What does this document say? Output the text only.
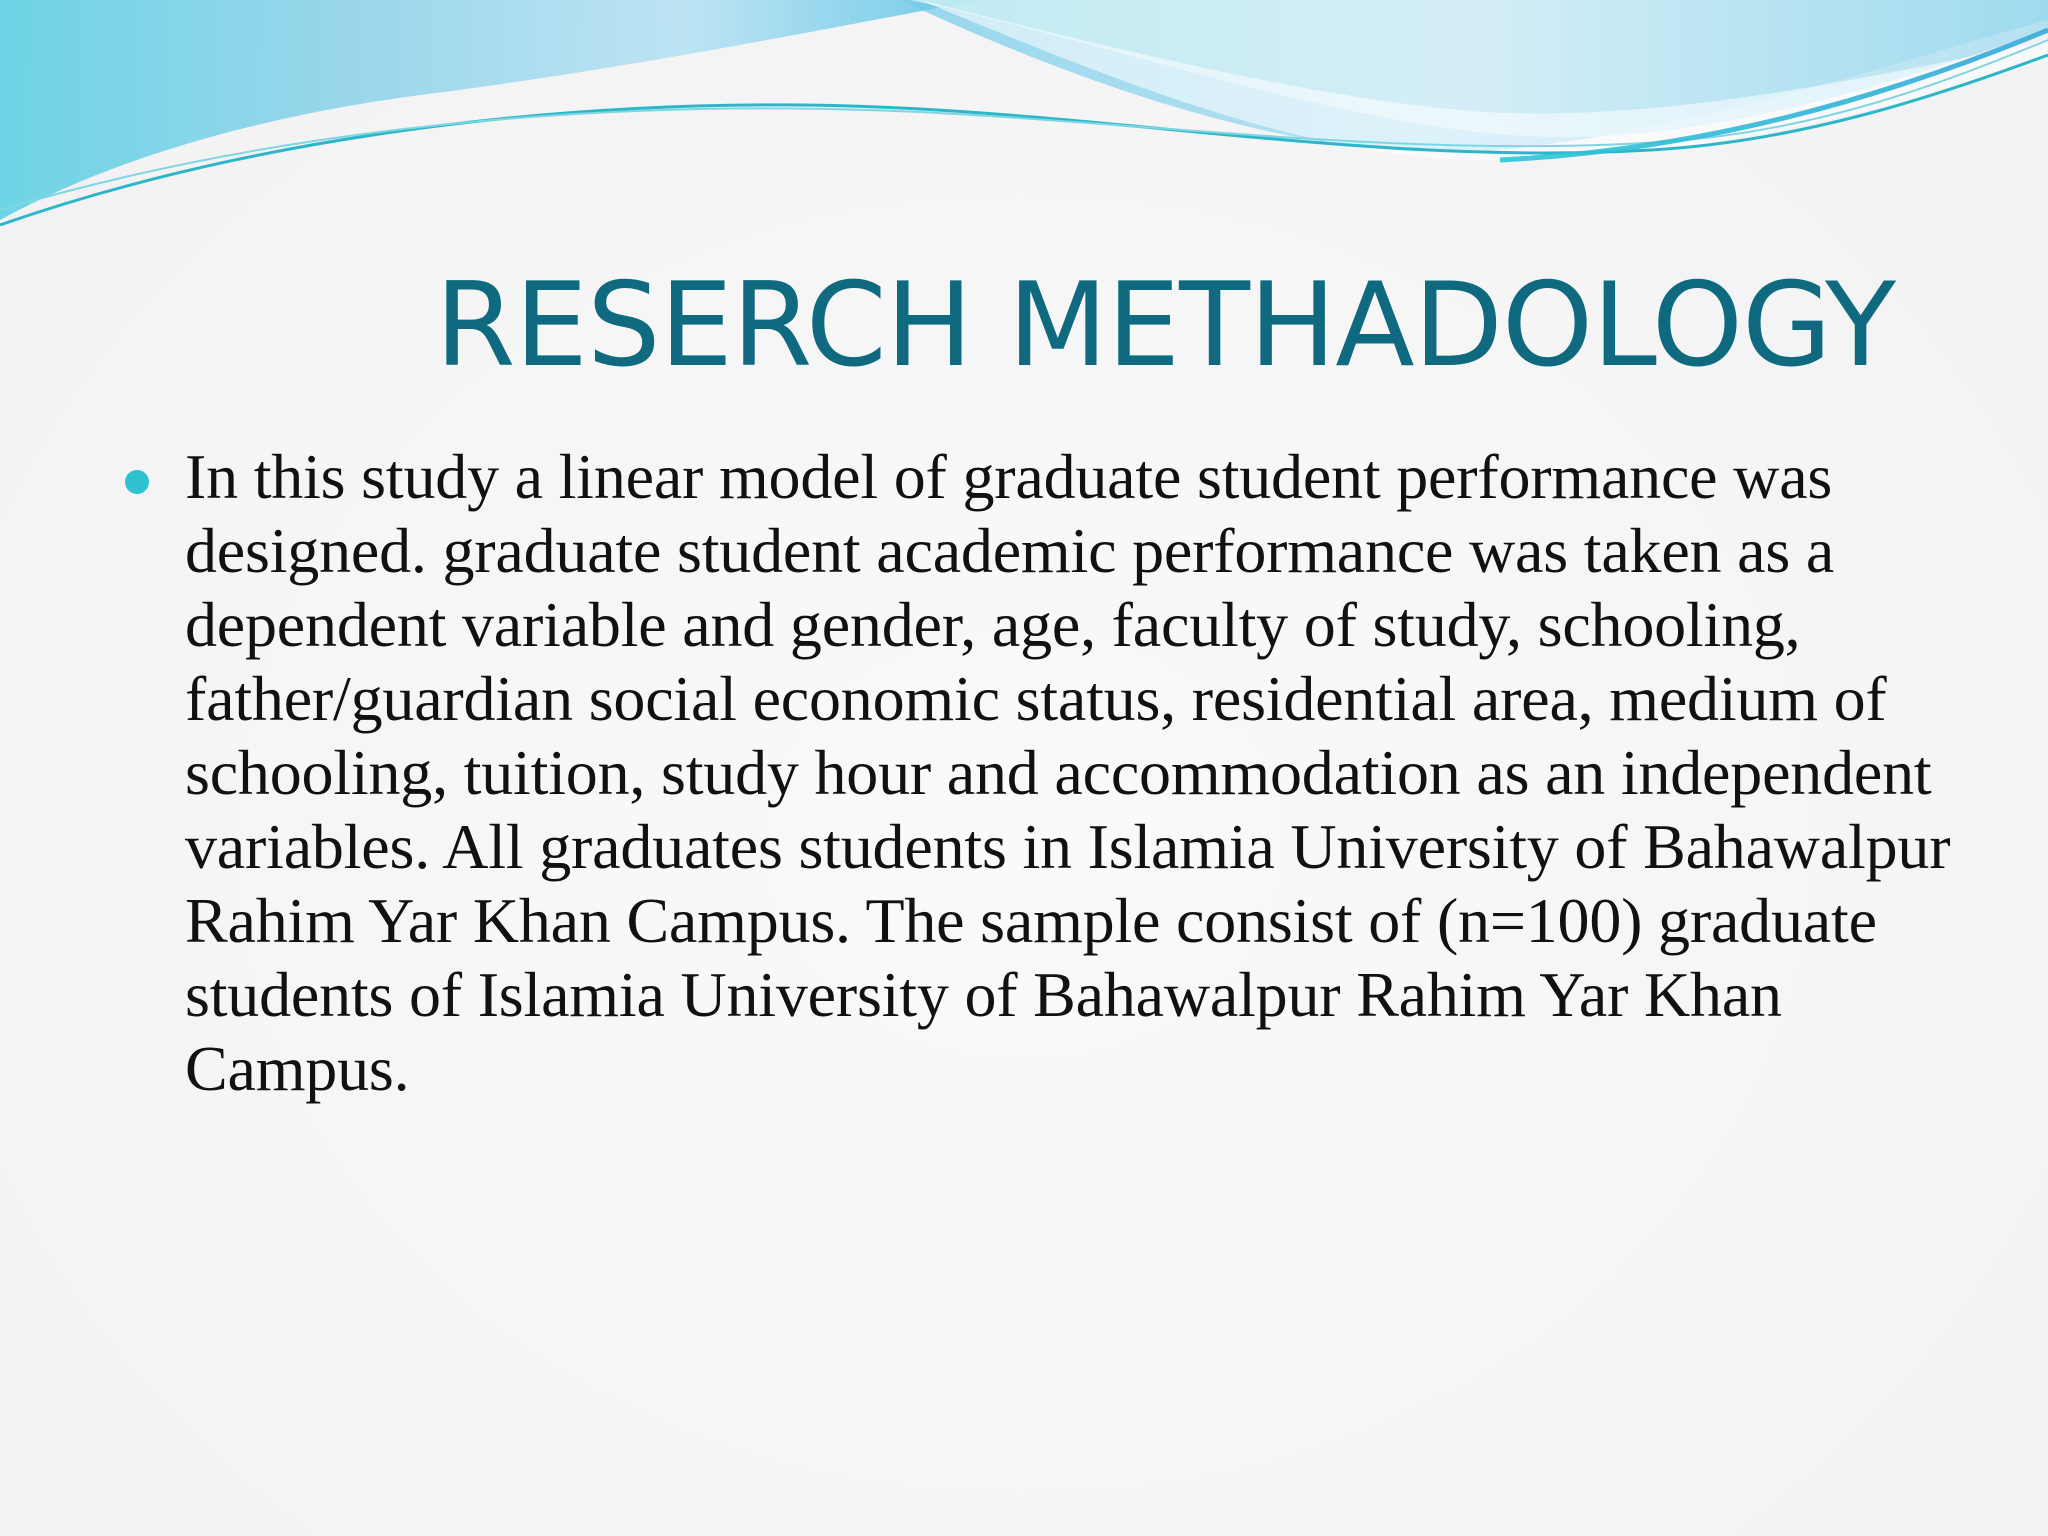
RESERCH METHADOLOGY

In this study a linear model of graduate student performance was designed. graduate student academic performance was taken as a dependent variable and gender, age, faculty of study, schooling, father/guardian social economic status, residential area, medium of schooling, tuition, study hour and accommodation as an independent variables. All graduates students in Islamia University of Bahawalpur Rahim Yar Khan Campus. The sample consist of (n=100) graduate students of Islamia University of Bahawalpur Rahim Yar Khan Campus.
